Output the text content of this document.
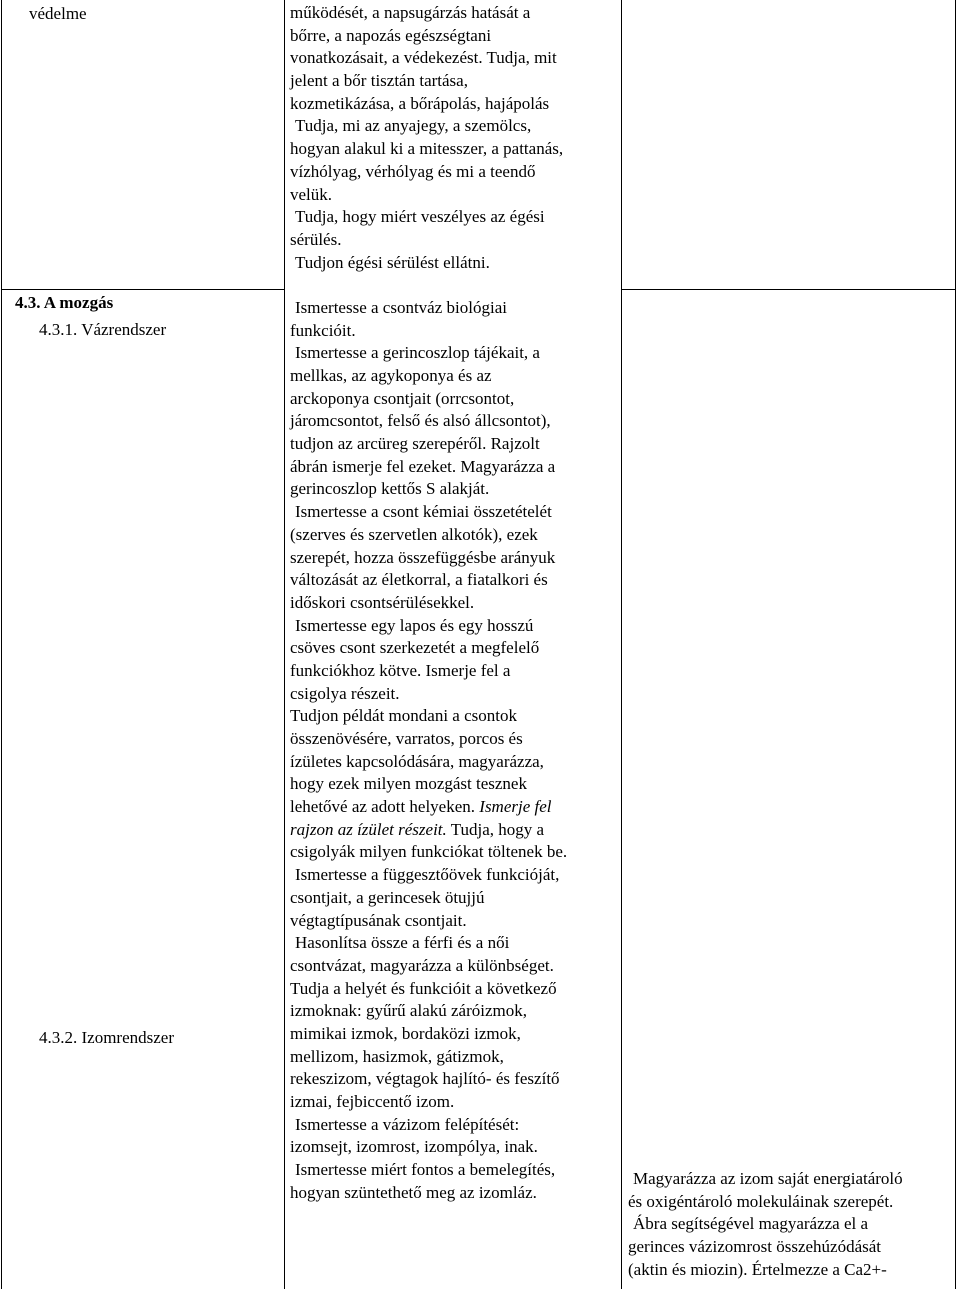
védelme
4.3. A mozgás
4.3.1. Vázrendszer
4.3.2. Izomrendszer
működését, a napsugárzás hatását a
bőrre, a napozás egészségtani
vonatkozásait, a védekezést. Tudja, mit
jelent a bőr tisztán tartása,
kozmetikázása, a bőrápolás, hajápolás
Tudja, mi az anyajegy, a szemölcs,
hogyan alakul ki a mitesszer, a pattanás,
vízhólyag, vérhólyag és mi a teendő
velük.
Tudja, hogy miért veszélyes az égési
sérülés.
Tudjon égési sérülést ellátni.
Ismertesse a csontváz biológiai
funkcióit.
Ismertesse a gerincoszlop tájékait, a
mellkas, az agykoponya és az
arckoponya csontjait (orrcsontot,
járomcsontot, felső és alsó állcsontot),
tudjon az arcüreg szerepéről. Rajzolt
ábrán ismerje fel ezeket. Magyarázza a
gerincoszlop kettős S alakját.
Ismertesse a csont kémiai összetételét
(szerves és szervetlen alkotók), ezek
szerepét, hozza összefüggésbe arányuk
változását az életkorral, a fiatalkori és
időskori csontsérülésekkel.
Ismertesse egy lapos és egy hosszú
csöves csont szerkezetét a megfelelő
funkciókhoz kötve. Ismerje fel a
csigolya részeit.
Tudjon példát mondani a csontok
összenövésére, varratos, porcos és
ízületes kapcsolódására, magyarázza,
hogy ezek milyen mozgást tesznek
lehetővé az adott helyeken. Ismerje fel
rajzon az ízület részeit. Tudja, hogy a
csigolyák milyen funkciókat töltenek be.
Ismertesse a függesztőövek funkcióját,
csontjait, a gerincesek ötujjú
végtagtípusának csontjait.
Hasonlítsa össze a férfi és a női
csontvázat, magyarázza a különbséget.
Tudja a helyét és funkcióit a következő
izmoknak: gyűrű alakú záróizmok,
mimikai izmok, bordaközi izmok,
mellizom, hasizmok, gátizmok,
rekeszizom, végtagok hajlító- és feszítő
izmai, fejbiccentő izom.
Ismertesse a vázizom felépítését:
izomsejt, izomrost, izompólya, inak.
Ismertesse miért fontos a bemelegítés,
hogyan szüntethető meg az izomláz.
Magyarázza az izom saját energiatároló
és oxigéntároló molekuláinak szerepét.
Ábra segítségével magyarázza el a
gerinces vázizomrost összehúzódását
(aktin és miozin). Értelmezze a Ca2+-
